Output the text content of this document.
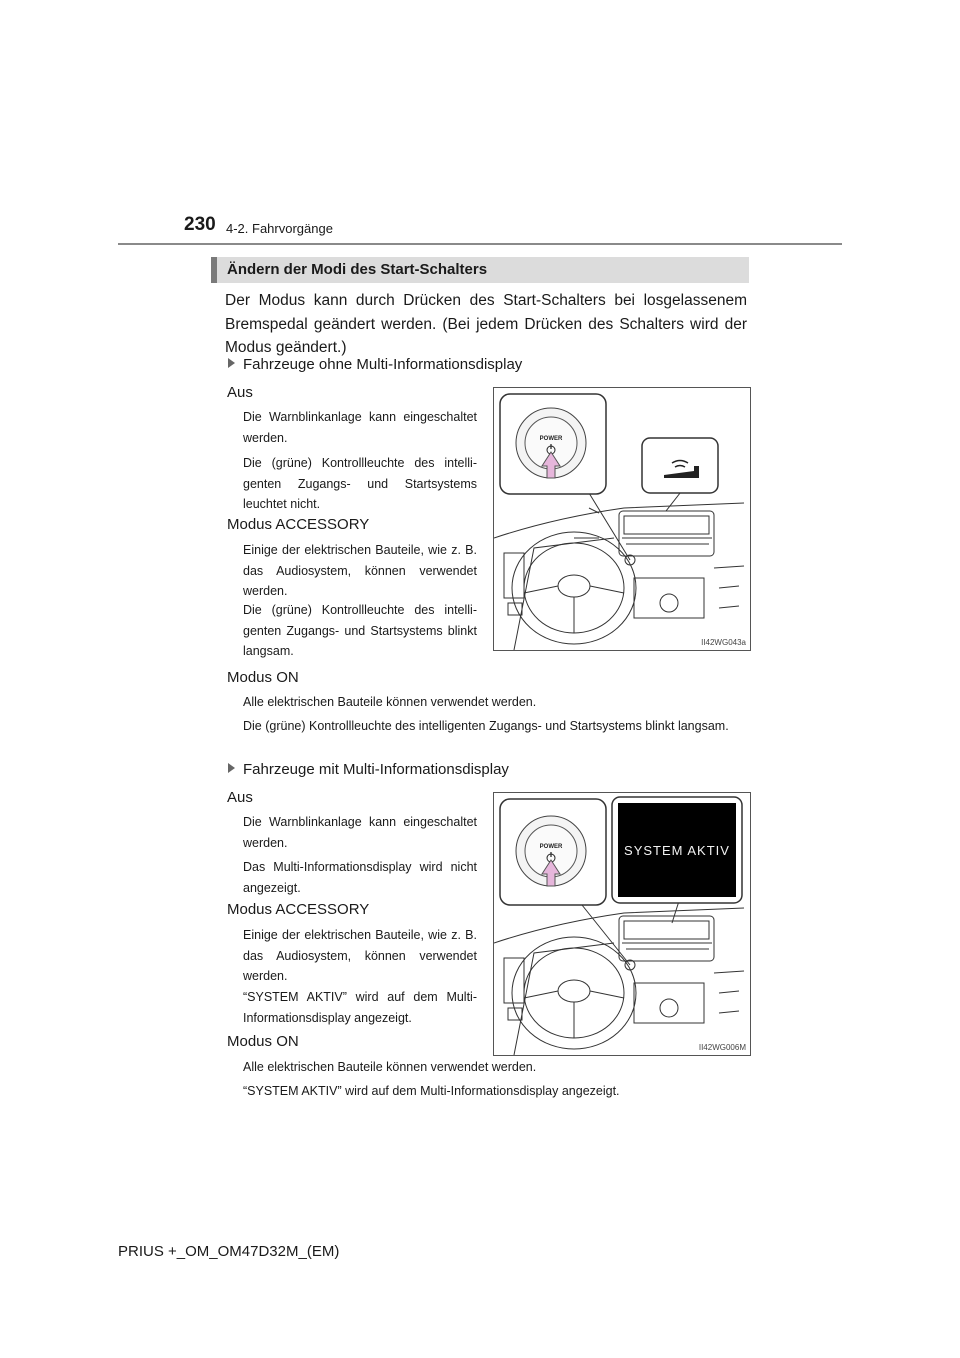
230 4-2. Fahrvorgänge
Ändern der Modi des Start-Schalters
Der Modus kann durch Drücken des Start-Schalters bei losgelassenem Bremspedal geändert werden. (Bei jedem Drücken des Schalters wird der Modus geändert.)
Fahrzeuge ohne Multi-Informationsdisplay
Aus
Die Warnblinkanlage kann eingeschaltet werden.
Die (grüne) Kontrollleuchte des intelligenten Zugangs- und Startsystems leuchtet nicht.
Modus ACCESSORY
Einige der elektrischen Bauteile, wie z. B. das Audiosystem, können verwendet werden.
Die (grüne) Kontrollleuchte des intelligenten Zugangs- und Startsystems blinkt langsam.
Modus ON
Alle elektrischen Bauteile können verwendet werden.
Die (grüne) Kontrollleuchte des intelligenten Zugangs- und Startsystems blinkt langsam.
POWER
II42WG043a
Fahrzeuge mit Multi-Informationsdisplay
Aus
Die Warnblinkanlage kann eingeschaltet werden.
Das Multi-Informationsdisplay wird nicht angezeigt.
Modus ACCESSORY
Einige der elektrischen Bauteile, wie z. B. das Audiosystem, können verwendet werden.
“SYSTEM AKTIV” wird auf dem Multi-Informationsdisplay angezeigt.
Modus ON
Alle elektrischen Bauteile können verwendet werden.
“SYSTEM AKTIV” wird auf dem Multi-Informationsdisplay angezeigt.
POWER	SYSTEM AKTIV
II42WG006M
PRIUS +_OM_OM47D32M_(EM)
